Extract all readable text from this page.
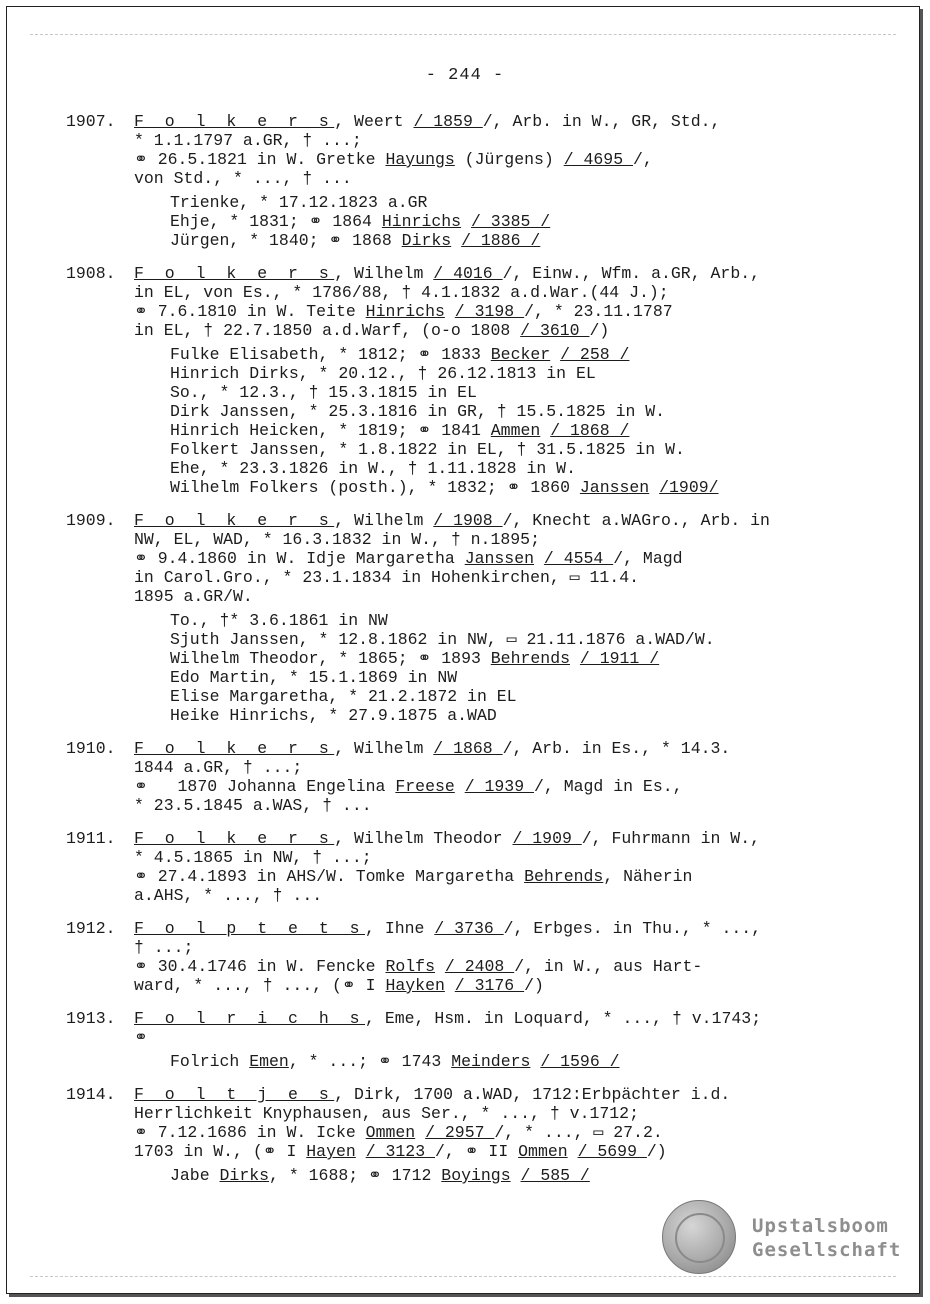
- 244 -
1907. F o l k e r s, Weert / 1859 /, Arb. in W., GR, Std.,
* 1.1.1797 a.GR, † ...;
⚭ 26.5.1821 in W. Gretke Hayungs (Jürgens) / 4695 /,
von Std., * ..., † ...
Trienke, * 17.12.1823 a.GR
Ehje, * 1831; ⚭ 1864 Hinrichs / 3385 /
Jürgen, * 1840; ⚭ 1868 Dirks / 1886 /
1908. F o l k e r s, Wilhelm / 4016 /, Einw., Wfm. a.GR, Arb.,
in EL, von Es., * 1786/88, † 4.1.1832 a.d.War.(44 J.);
⚭ 7.6.1810 in W. Teite Hinrichs / 3198 /, * 23.11.1787
in EL, † 22.7.1850 a.d.Warf, (o-o 1808 / 3610 /)
Fulke Elisabeth, * 1812; ⚭ 1833 Becker / 258 /
Hinrich Dirks, * 20.12., † 26.12.1813 in EL
So., * 12.3., † 15.3.1815 in EL
Dirk Janssen, * 25.3.1816 in GR, † 15.5.1825 in W.
Hinrich Heicken, * 1819; ⚭ 1841 Ammen / 1868 /
Folkert Janssen, * 1.8.1822 in EL, † 31.5.1825 in W.
Ehe, * 23.3.1826 in W., † 1.11.1828 in W.
Wilhelm Folkers (posth.), * 1832; ⚭ 1860 Janssen /1909/
1909. F o l k e r s, Wilhelm / 1908 /, Knecht a.WAGro., Arb. in
NW, EL, WAD, * 16.3.1832 in W., † n.1895;
⚭ 9.4.1860 in W. Idje Margaretha Janssen / 4554 /, Magd
in Carol.Gro., * 23.1.1834 in Hohenkirchen, ▭ 11.4.
1895 a.GR/W.
To., †* 3.6.1861 in NW
Sjuth Janssen, * 12.8.1862 in NW, ▭ 21.11.1876 a.WAD/W.
Wilhelm Theodor, * 1865; ⚭ 1893 Behrends / 1911 /
Edo Martin, * 15.1.1869 in NW
Elise Margaretha, * 21.2.1872 in EL
Heike Hinrichs, * 27.9.1875 a.WAD
1910. F o l k e r s, Wilhelm / 1868 /, Arb. in Es., * 14.3.
1844 a.GR, † ...;
⚭   1870 Johanna Engelina Freese / 1939 /, Magd in Es.,
* 23.5.1845 a.WAS, † ...
1911. F o l k e r s, Wilhelm Theodor / 1909 /, Fuhrmann in W.,
* 4.5.1865 in NW, † ...;
⚭ 27.4.1893 in AHS/W. Tomke Margaretha Behrends, Näherin
a.AHS, * ..., † ...
1912. F o l p t e t s, Ihne / 3736 /, Erbges. in Thu., * ...,
† ...;
⚭ 30.4.1746 in W. Fencke Rolfs / 2408 /, in W., aus Hart-
ward, * ..., † ..., (⚭ I Hayken / 3176 /)
1913. F o l r i c h s, Eme, Hsm. in Loquard, * ..., † v.1743;
⚭
Folrich Emen, * ...; ⚭ 1743 Meinders / 1596 /
1914. F o l t j e s, Dirk, 1700 a.WAD, 1712:Erbpächter i.d.
Herrlichkeit Knyphausen, aus Ser., * ..., † v.1712;
⚭ 7.12.1686 in W. Icke Ommen / 2957 /, * ..., ▭ 27.2.
1703 in W., (⚭ I Hayen / 3123 /, ⚭ II Ommen / 5699 /)
Jabe Dirks, * 1688; ⚭ 1712 Boyings / 585 /
Upstalsboom
Gesellschaft
